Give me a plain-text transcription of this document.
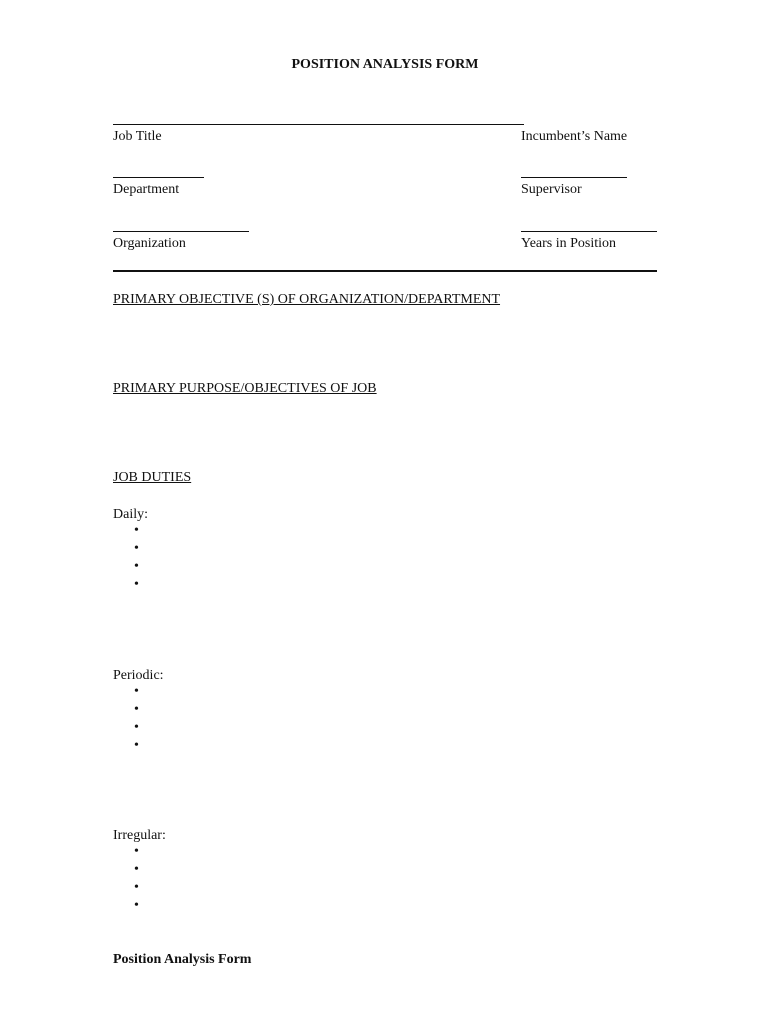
POSITION ANALYSIS FORM
Job Title	Incumbent’s Name
Department	Supervisor
Organization	Years in Position
PRIMARY OBJECTIVE (S) OF ORGANIZATION/DEPARTMENT
PRIMARY PURPOSE/OBJECTIVES OF JOB
JOB DUTIES
Daily:
•
•
•
•
Periodic:
•
•
•
•
Irregular:
•
•
•
•
Position Analysis Form
